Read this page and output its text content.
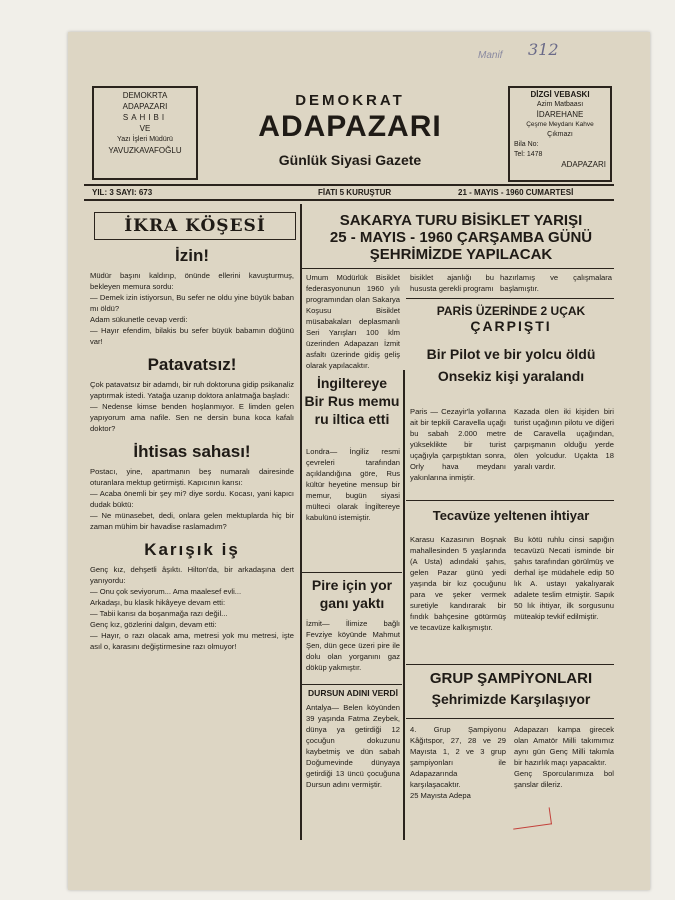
312
Manif
DEMOKRTA
ADAPAZARI
SAHIBI
VE
Yazı İşleri Müdürü
YAVUZKAVAFOĞLU
DEMOKRAT
ADAPAZARI
Günlük Siyasi Gazete
DİZGİ VEBASKI
Azim Matbaası
İDAREHANE
Çeşme Meydanı Kahve
Çıkmazı
Bila No:
Tel: 1478
ADAPAZARI
YIL: 3 SAYI: 673	FİATI 5 KURUŞTUR	21 - MAYIS - 1960 CUMARTESİ
İKRA KÖŞESİ
İzin!

Müdür başını kaldırıp, önünde ellerini kavuşturmuş, bekleyen memura sordu:
— Demek izin istiyorsun, Bu sefer ne oldu yine büyük baban mı öldü?
Adam sükunetle cevap verdi:
— Hayır efendim, bilakis bu sefer büyük babamın düğünü var!

Patavatsız!

Çok patavatsız bir adamdı, bir ruh doktoruna gidip psikanaliz yaptırmak istedi. Yatağa uzanıp doktora anlatmağa başladı:
— Nedense kimse benden hoşlanmıyor. E limden gelen yapıyorum ama nafile. Sen ne dersin buna koca kafalı doktor?

İhtisas sahası!

Postacı, yine, apartmanın beş numaralı dairesinde oturanlara mektup getirmişti. Kapıcının karısı:
— Acaba önemli bir şey mi? diye sordu. Kocası, yani kapıcı dudak büktü:
— Ne münasebet, dedi, onlara gelen mektuplarda hiç bir zaman mühim bir havadise raslamadım?

Karışık iş

Genç kız, dehşetli âşıktı. Hilton'da, bir arkadaşına dert yanıyordu:
— Onu çok seviyorum... Ama maalesef evli...
Arkadaşı, bu klasik hikâyeye devam etti:
— Tabii karısı da boşanmağa razı değil...
Genç kız, gözlerini dalgın, devam etti:
— Hayır, o razı olacak ama, metresi yok mu metresi, işte asıl o, karasını değiştirmesine razı olmuyor!

SAKARYA TURU BİSİKLET YARIŞI
25 - MAYIS - 1960 ÇARŞAMBA GÜNÜ
ŞEHRİMİZDE YAPILACAK

Umum Müdürlük Bisiklet federasyonunun 1960 yılı programından olan Sakarya Koşusu Bisiklet müsabakaları deplasmanlı Seri Yarışları 100 klm üzerinden Adapazarı İzmit asfaltı üzerinde gidiş geliş olarak yapılacaktır.

bisiklet ajanlığı bu hususta gerekli programı

hazırlamış ve çalışmalara başlamıştır.

PARİS ÜZERİNDE 2 UÇAK
ÇARPIŞTI
Bir Pilot ve bir yolcu öldü
Onsekiz kişi yaralandı

Paris — Cezayir'la yollarına ait bir tepkili Caravella uçağı bu sabah 2.000 metre yükseklikte bir turist uçağıyla çarpıştıktan sonra, Orly hava meydanı yakınlarına inmiştir.

Kazada ölen iki kişiden biri turist uçağının pilotu ve diğeri de Caravella uçağından, çarpışmanın olduğu yerde ölen yolcudur. Uçakta 18 yaralı vardır.

İngiltereye
Bir Rus memu
ru iltica etti

Londra— İngiliz resmi çevreleri tarafından açıklandığına göre, Rus kültür heyetine mensup bir memur, bugün siyasi mülteci olarak İngiltereye kabulünü istemiştir.	Tecavüze yeltenen ihtiyar

Karasu Kazasının Boşnak mahallesinden 5 yaşlarında (A Usta) adındaki şahıs, gelen Pazar günü yedi yaşında bir kız çocuğunu para ve şeker vermek suretiyle kandırarak bir fındık bahçesine götürmüş ve tecavüze kalkışmıştır.

Bu kötü ruhlu cinsi sapığın tecavüzü Necati isminde bir şahıs tarafından görülmüş ve derhal işe müdahele edip 50 lık A. ustayı yakalıyarak adalete teslim etmiştir. Sapık 50 lık ihtiyar, ilk sorgusunu müteakip tevkif edilmiştir.

Pire için yor
ganı yaktı

İzmit— İlimize bağlı Fevziye köyünde Mahmut Şen, dün gece üzeri pire ile dolu olan yorganını gaz döküp yakmıştır.

DURSUN ADINI VERDİ

Antalya— Belen köyünden 39 yaşında Fatma Zeybek, dünya ya getirdiği 12 çocuğun dokuzunu kaybetmiş ve dün sabah Doğumevinde dünyaya getirdiği 13 üncü çocuğuna Dursun adını vermiştir.

GRUP ŞAMPİYONLARI
Şehrimizde Karşılaşıyor

4. Grup Şampiyonu Kâğıtspor, 27, 28 ve 29 Mayısta 1, 2 ve 3 grup şampiyonları ile Adapazarında karşılaşacaktır.
25 Mayısta Adepa

Adapazarı kampa girecek olan Amatör Milli takımımız aynı gün Genç Milli takımla bir hazırlık maçı yapacaktır.
Genç Sporcularımıza bol şanslar dileriz.
